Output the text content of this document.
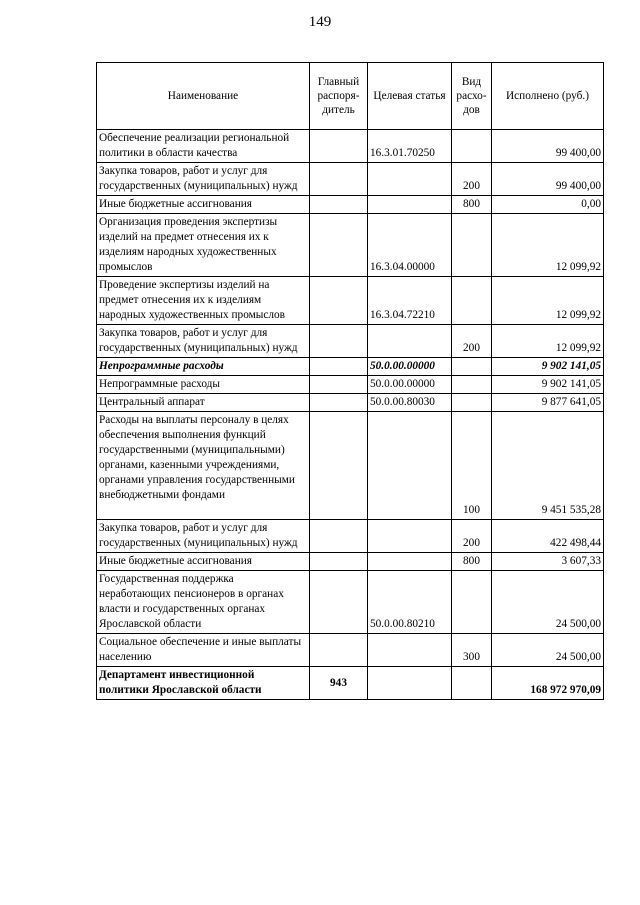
149
Наименование	Главный распоря-дитель	Целевая статья	Вид расхо-дов	Исполнено (руб.)
Обеспечение реализации региональной политики в области качества		16.3.01.70250		99 400,00
Закупка товаров, работ и услуг для государственных (муниципальных) нужд			200	99 400,00
Иные бюджетные ассигнования			800	0,00
Организация проведения экспертизы изделий на предмет отнесения их к изделиям народных художественных промыслов		16.3.04.00000		12 099,92
Проведение экспертизы изделий на предмет отнесения их к изделиям народных художественных промыслов		16.3.04.72210		12 099,92
Закупка товаров, работ и услуг для государственных (муниципальных) нужд			200	12 099,92
Непрограммные расходы		50.0.00.00000		9 902 141,05
Непрограммные расходы		50.0.00.00000		9 902 141,05
Центральный аппарат		50.0.00.80030		9 877 641,05
Расходы на выплаты персоналу в целях обеспечения выполнения функций государственными (муниципальными) органами, казенными учреждениями, органами управления государственными внебюджетными фондами			100	9 451 535,28
Закупка товаров, работ и услуг для государственных (муниципальных) нужд			200	422 498,44
Иные бюджетные ассигнования			800	3 607,33
Государственная поддержка неработающих пенсионеров в органах власти и государственных органах Ярославской области		50.0.00.80210		24 500,00
Социальное обеспечение и иные выплаты населению			300	24 500,00
Департамент инвестиционной политики Ярославской области	943			168 972 970,09
